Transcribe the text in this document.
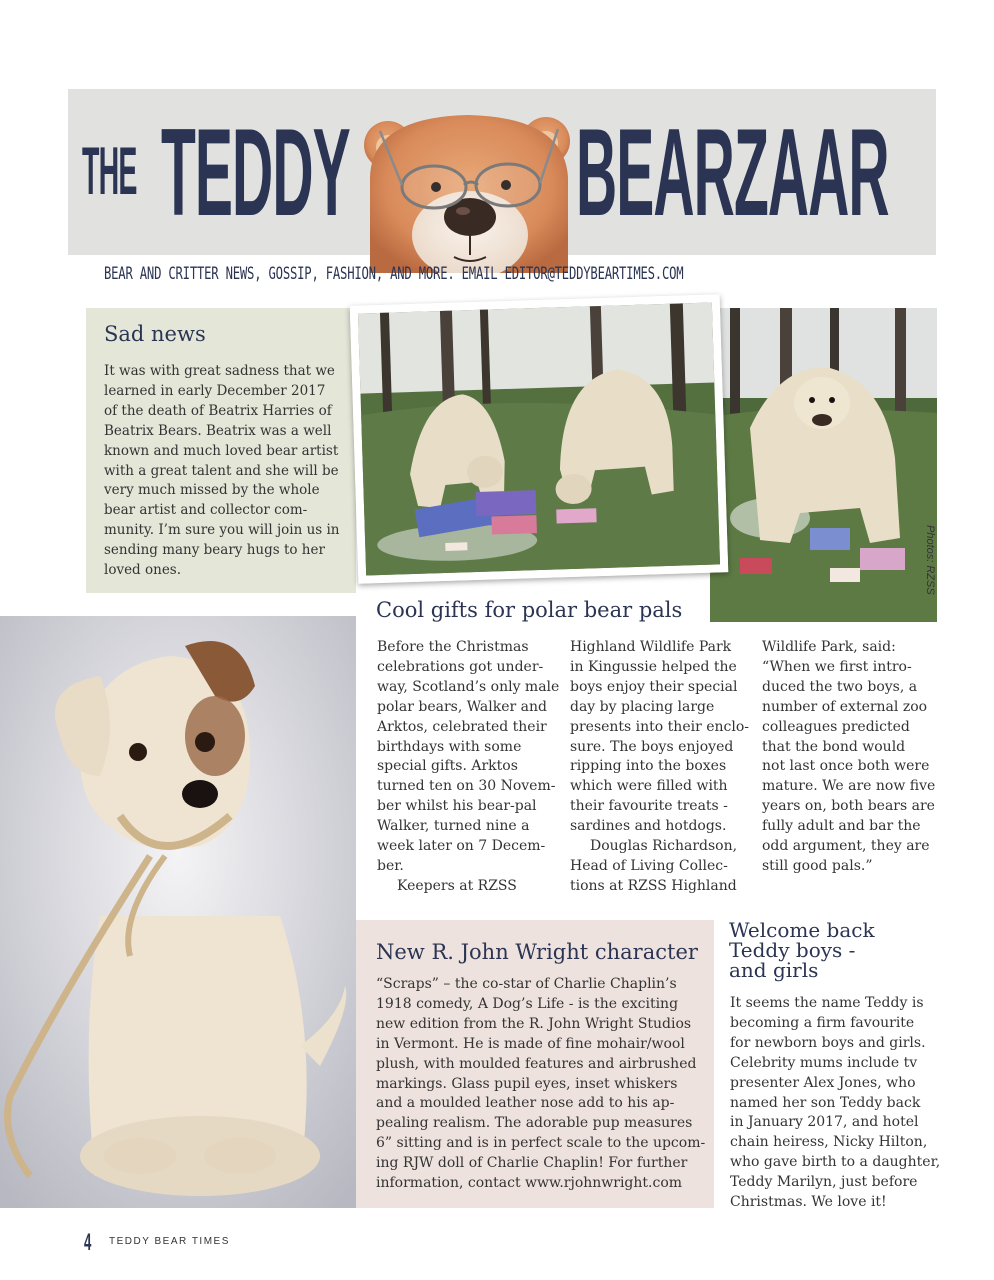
THE TEDDY BEARZAAR
BEAR AND CRITTER NEWS, GOSSIP, FASHION, AND MORE. EMAIL EDITOR@TEDDYBEARTIMES.COM
Sad news
It was with great sadness that we
learned in early December 2017
of the death of Beatrix Harries of
Beatrix Bears. Beatrix was a well
known and much loved bear artist
with a great talent and she will be
very much missed by the whole
bear artist and collector com-
munity. I’m sure you will join us in
sending many beary hugs to her
loved ones.	Photos: RZSS
Cool gifts for polar bear pals
Before the Christmas
celebrations got under-
way, Scotland’s only male
polar bears, Walker and
Arktos, celebrated their
birthdays with some
special gifts. Arktos
turned ten on 30 Novem-
ber whilst his bear-pal
Walker, turned nine a
week later on 7 Decem-
ber.
Keepers at RZSS
Highland Wildlife Park
in Kingussie helped the
boys enjoy their special
day by placing large
presents into their enclo-
sure. The boys enjoyed
ripping into the boxes
which were filled with
their favourite treats -
sardines and hotdogs.
Douglas Richardson,
Head of Living Collec-
tions at RZSS Highland
Wildlife Park, said:
“When we first intro-
duced the two boys, a
number of external zoo
colleagues predicted
that the bond would
not last once both were
mature. We are now five
years on, both bears are
fully adult and bar the
odd argument, they are
still good pals.”
New R. John Wright character
“Scraps” – the co-star of Charlie Chaplin’s
1918 comedy, A Dog’s Life - is the exciting
new edition from the R. John Wright Studios
in Vermont. He is made of fine mohair/wool
plush, with moulded features and airbrushed
markings. Glass pupil eyes, inset whiskers
and a moulded leather nose add to his ap-
pealing realism. The adorable pup measures
6” sitting and is in perfect scale to the upcom-
ing RJW doll of Charlie Chaplin! For further
information, contact www.rjohnwright.com
Welcome back
Teddy boys -
and girls
It seems the name Teddy is
becoming a firm favourite
for newborn boys and girls.
Celebrity mums include tv
presenter Alex Jones, who
named her son Teddy back
in January 2017, and hotel
chain heiress, Nicky Hilton,
who gave birth to a daughter,
Teddy Marilyn, just before
Christmas. We love it!
4 TEDDY BEAR TIMES
